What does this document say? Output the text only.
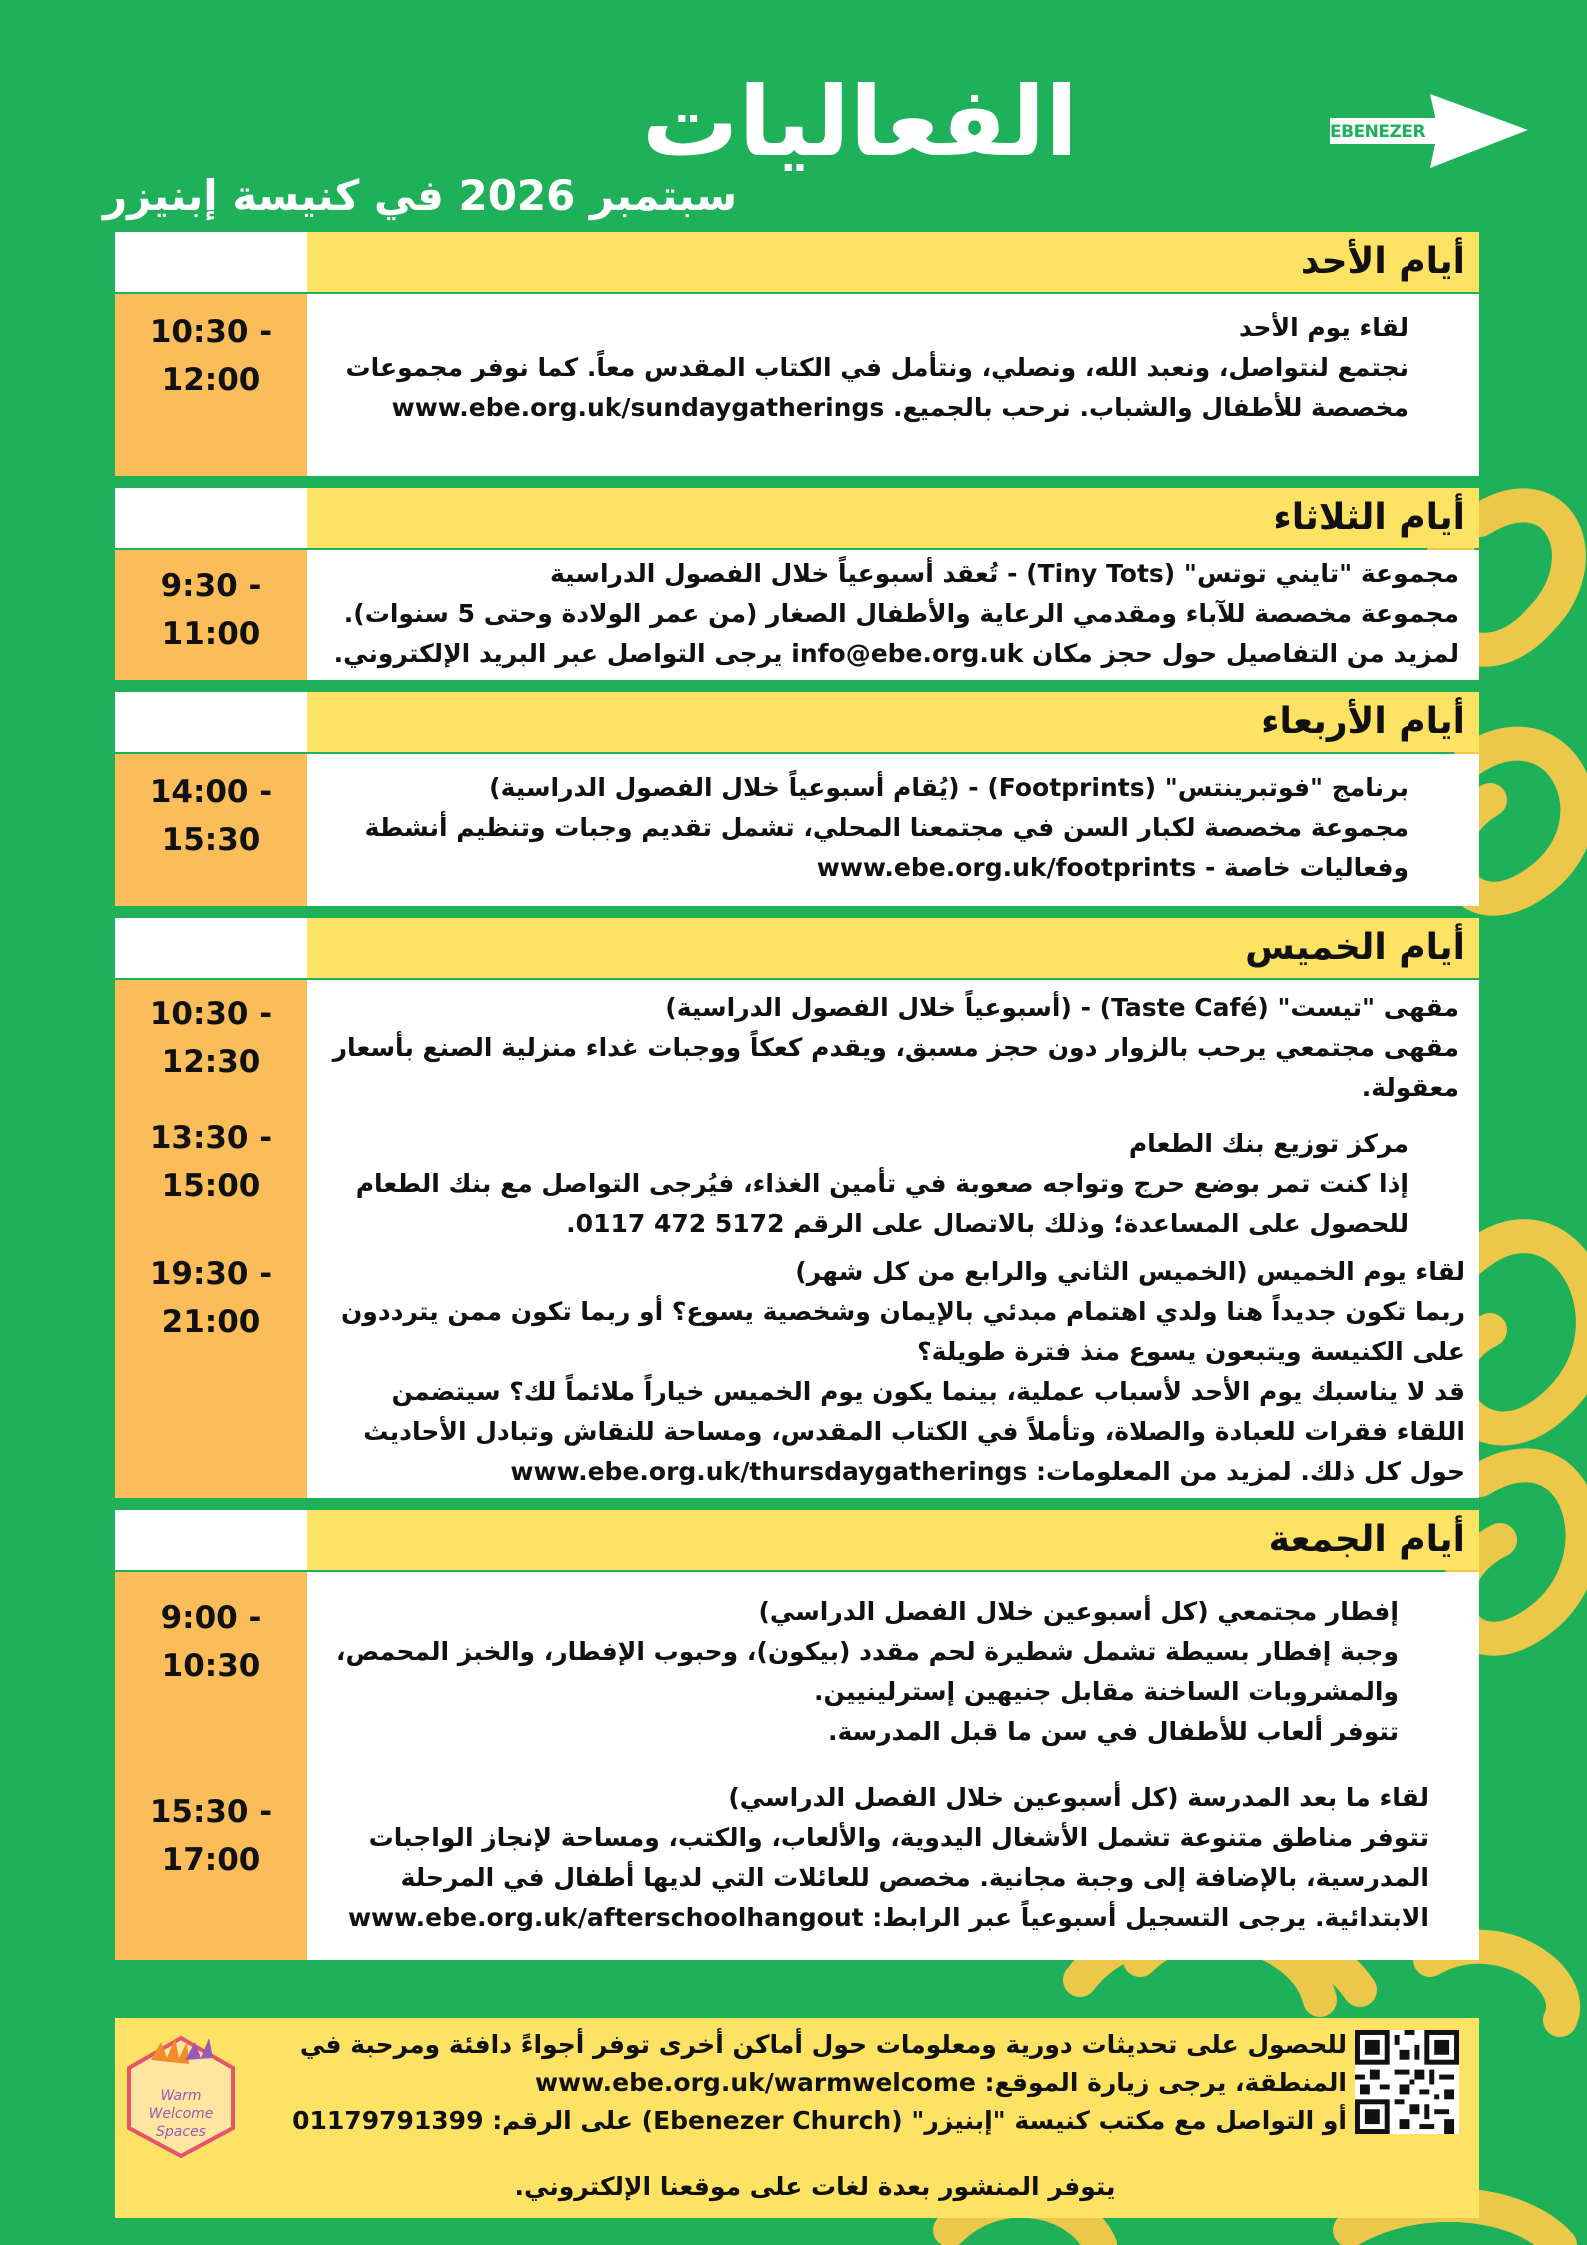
الفعاليات
سبتمبر 2026 في كنيسة إبنيزر
EBENEZER CHURCH
أيام الأحد
10:30 -
12:00
لقاء يوم الأحد
نجتمع لنتواصل، ونعبد الله، ونصلي، ونتأمل في الكتاب المقدس معاً. كما نوفر مجموعات
مخصصة للأطفال والشباب. نرحب بالجميع. www.ebe.org.uk/sundaygatherings
أيام الثلاثاء
9:30 -
11:00
مجموعة "تايني توتس" (Tiny Tots) - تُعقد أسبوعياً خلال الفصول الدراسية
مجموعة مخصصة للآباء ومقدمي الرعاية والأطفال الصغار (من عمر الولادة وحتى 5 سنوات).
لمزيد من التفاصيل حول حجز مكان info@ebe.org.uk يرجى التواصل عبر البريد الإلكتروني.
أيام الأربعاء
14:00 -
15:30
برنامج "فوتبرينتس" (Footprints) - (يُقام أسبوعياً خلال الفصول الدراسية)
مجموعة مخصصة لكبار السن في مجتمعنا المحلي، تشمل تقديم وجبات وتنظيم أنشطة
وفعاليات خاصة - www.ebe.org.uk/footprints
أيام الخميس
10:30 -
12:30
13:30 -
15:00
19:30 -
21:00
مقهى "تيست" (Taste Café) - (أسبوعياً خلال الفصول الدراسية)
مقهى مجتمعي يرحب بالزوار دون حجز مسبق، ويقدم كعكاً ووجبات غداء منزلية الصنع بأسعار
معقولة.
مركز توزيع بنك الطعام
إذا كنت تمر بوضع حرج وتواجه صعوبة في تأمين الغذاء، فيُرجى التواصل مع بنك الطعام
للحصول على المساعدة؛ وذلك بالاتصال على الرقم 5172 472 0117.
لقاء يوم الخميس (الخميس الثاني والرابع من كل شهر)
ربما تكون جديداً هنا ولدي اهتمام مبدئي بالإيمان وشخصية يسوع؟ أو ربما تكون ممن يترددون
على الكنيسة ويتبعون يسوع منذ فترة طويلة؟
قد لا يناسبك يوم الأحد لأسباب عملية، بينما يكون يوم الخميس خياراً ملائماً لك؟ سيتضمن
اللقاء فقرات للعبادة والصلاة، وتأملاً في الكتاب المقدس، ومساحة للنقاش وتبادل الأحاديث
حول كل ذلك. لمزيد من المعلومات: www.ebe.org.uk/thursdaygatherings
أيام الجمعة
9:00 -
10:30
15:30 -
17:00
إفطار مجتمعي (كل أسبوعين خلال الفصل الدراسي)
وجبة إفطار بسيطة تشمل شطيرة لحم مقدد (بيكون)، وحبوب الإفطار، والخبز المحمص،
والمشروبات الساخنة مقابل جنيهين إسترلينيين.
تتوفر ألعاب للأطفال في سن ما قبل المدرسة.
لقاء ما بعد المدرسة (كل أسبوعين خلال الفصل الدراسي)
تتوفر مناطق متنوعة تشمل الأشغال اليدوية، والألعاب، والكتب، ومساحة لإنجاز الواجبات
المدرسية، بالإضافة إلى وجبة مجانية. مخصص للعائلات التي لديها أطفال في المرحلة
الابتدائية. يرجى التسجيل أسبوعياً عبر الرابط: www.ebe.org.uk/afterschoolhangout
Warm
Welcome
Spaces
للحصول على تحديثات دورية ومعلومات حول أماكن أخرى توفر أجواءً دافئة ومرحبة في
المنطقة، يرجى زيارة الموقع: www.ebe.org.uk/warmwelcome
أو التواصل مع مكتب كنيسة "إبنيزر" (Ebenezer Church) على الرقم: 01179791399
يتوفر المنشور بعدة لغات على موقعنا الإلكتروني.
